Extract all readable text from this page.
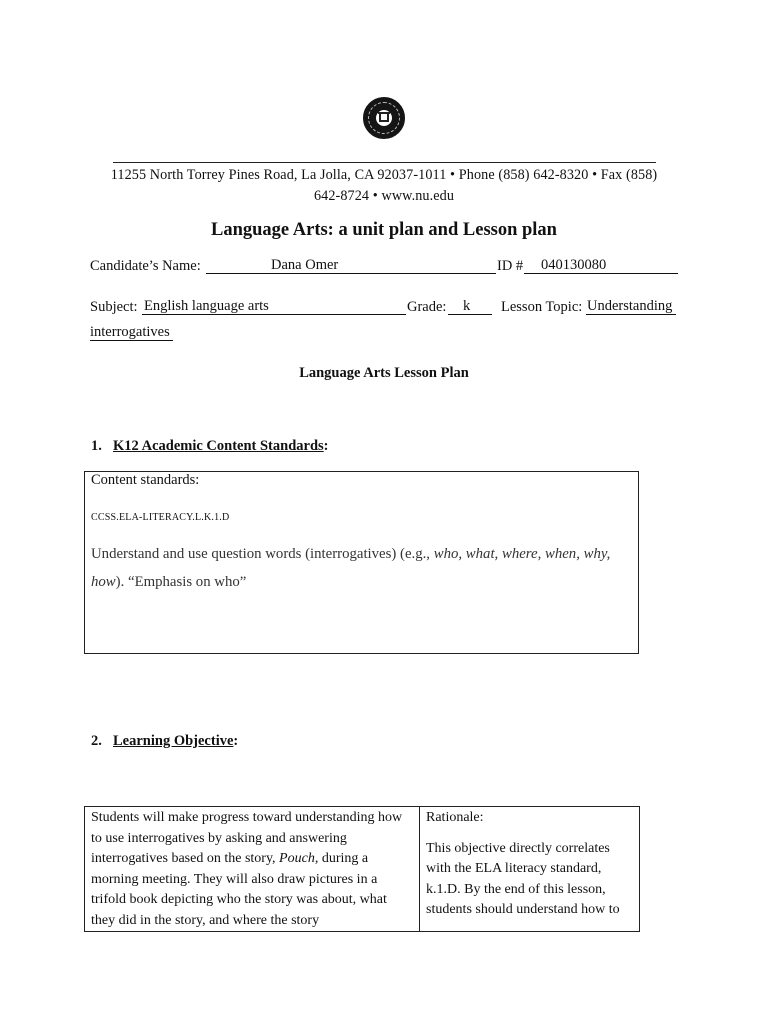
11255 North Torrey Pines Road, La Jolla, CA 92037-1011 • Phone (858) 642-8320 • Fax (858)
642-8724 • www.nu.edu
Language Arts: a unit plan and Lesson plan
Candidate’s Name:	Dana Omer	ID # 040130080
Subject: English language arts	Grade: k Lesson Topic: Understanding
interrogatives
Language Arts Lesson Plan
1. K12 Academic Content Standards:
Content standards:
CCSS.ELA-LITERACY.L.K.1.D
Understand and use question words (interrogatives) (e.g., who, what, where, when, why, how). “Emphasis on who”
2. Learning Objective:
Students will make progress toward understanding how to use interrogatives by asking and answering interrogatives based on the story, Pouch, during a morning meeting. They will also draw pictures in a trifold book depicting who the story was about, what they did in the story, and where the story	
Rationale:
This objective directly correlates with the ELA literacy standard, k.1.D. By the end of this lesson, students should understand how to
